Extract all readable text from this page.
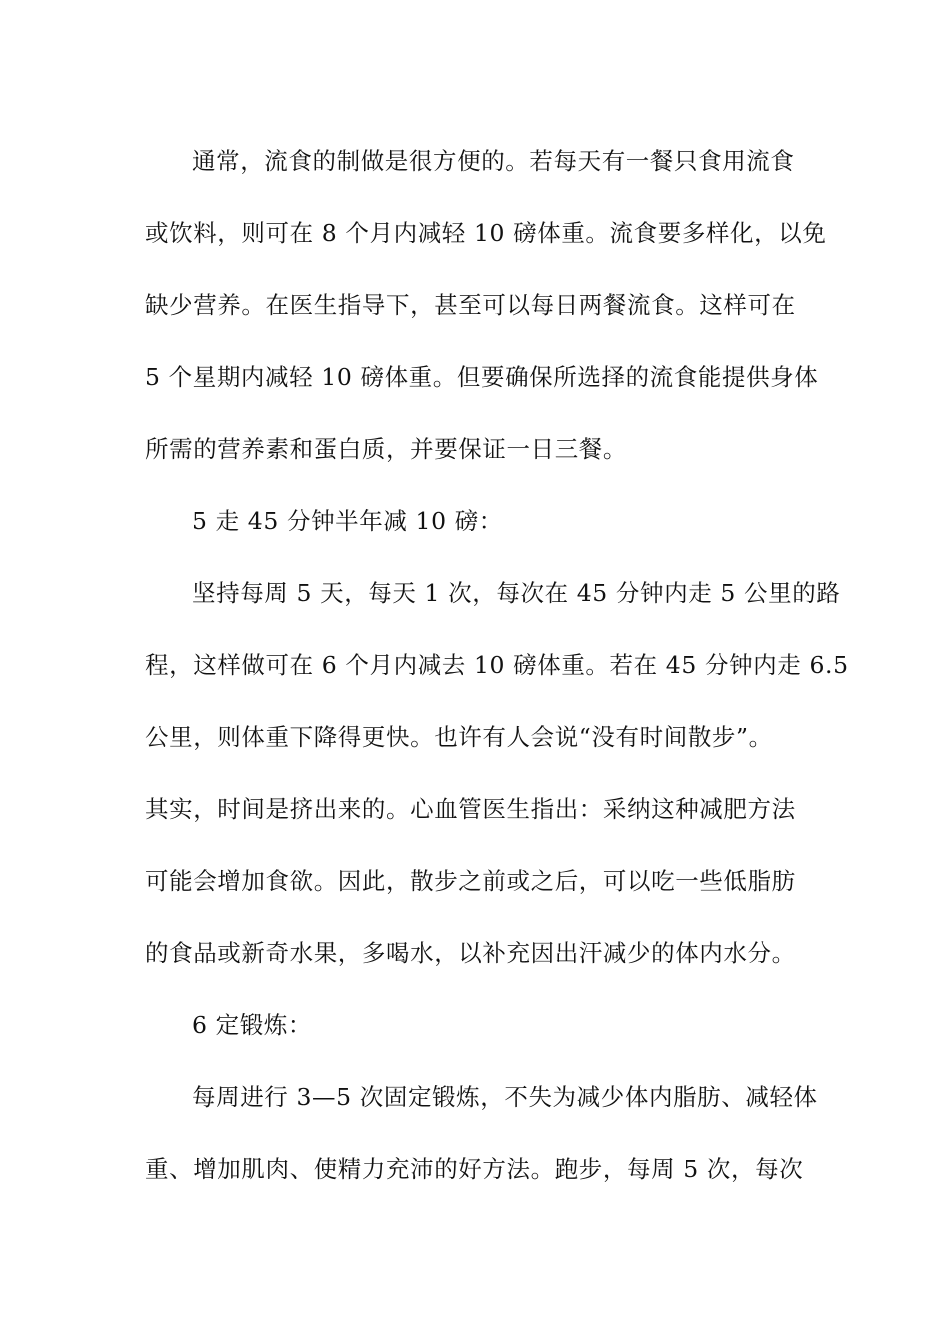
通常，流食的制做是很方便的。若每天有一餐只食用流食
或饮料，则可在 8 个月内减轻 10 磅体重。流食要多样化，以免
缺少营养。在医生指导下，甚至可以每日两餐流食。这样可在
5 个星期内减轻 10 磅体重。但要确保所选择的流食能提供身体
所需的营养素和蛋白质，并要保证一日三餐。
5 走 45 分钟半年减 10 磅：
坚持每周 5 天，每天 1 次，每次在 45 分钟内走 5 公里的路
程，这样做可在 6 个月内减去 10 磅体重。若在 45 分钟内走 6.5
公里，则体重下降得更快。也许有人会说“没有时间散步”。
其实，时间是挤出来的。心血管医生指出：采纳这种减肥方法
可能会增加食欲。因此，散步之前或之后，可以吃一些低脂肪
的食品或新奇水果，多喝水，以补充因出汗减少的体内水分。
6 定锻炼：
每周进行 3—5 次固定锻炼，不失为减少体内脂肪、减轻体
重、增加肌肉、使精力充沛的好方法。跑步，每周 5 次，每次
